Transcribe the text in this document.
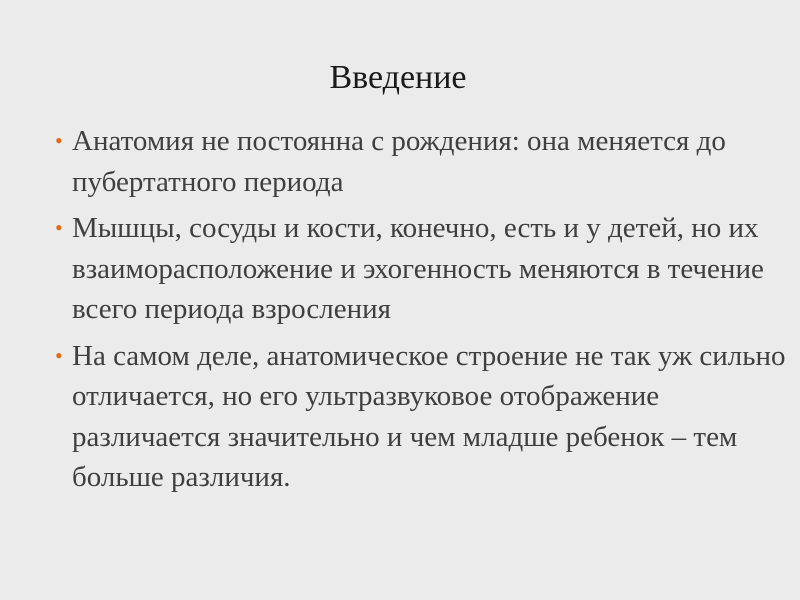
Введение
• Анатомия не постоянна с рождения: она меняется до пубертатного периода
• Мышцы, сосуды и кости, конечно, есть и у детей, но их взаиморасположение и эхогенность меняются в течение всего периода взросления
• На самом деле, анатомическое строение не так уж сильно отличается, но его ультразвуковое отображение различается значительно и чем младше ребенок – тем больше различия.
